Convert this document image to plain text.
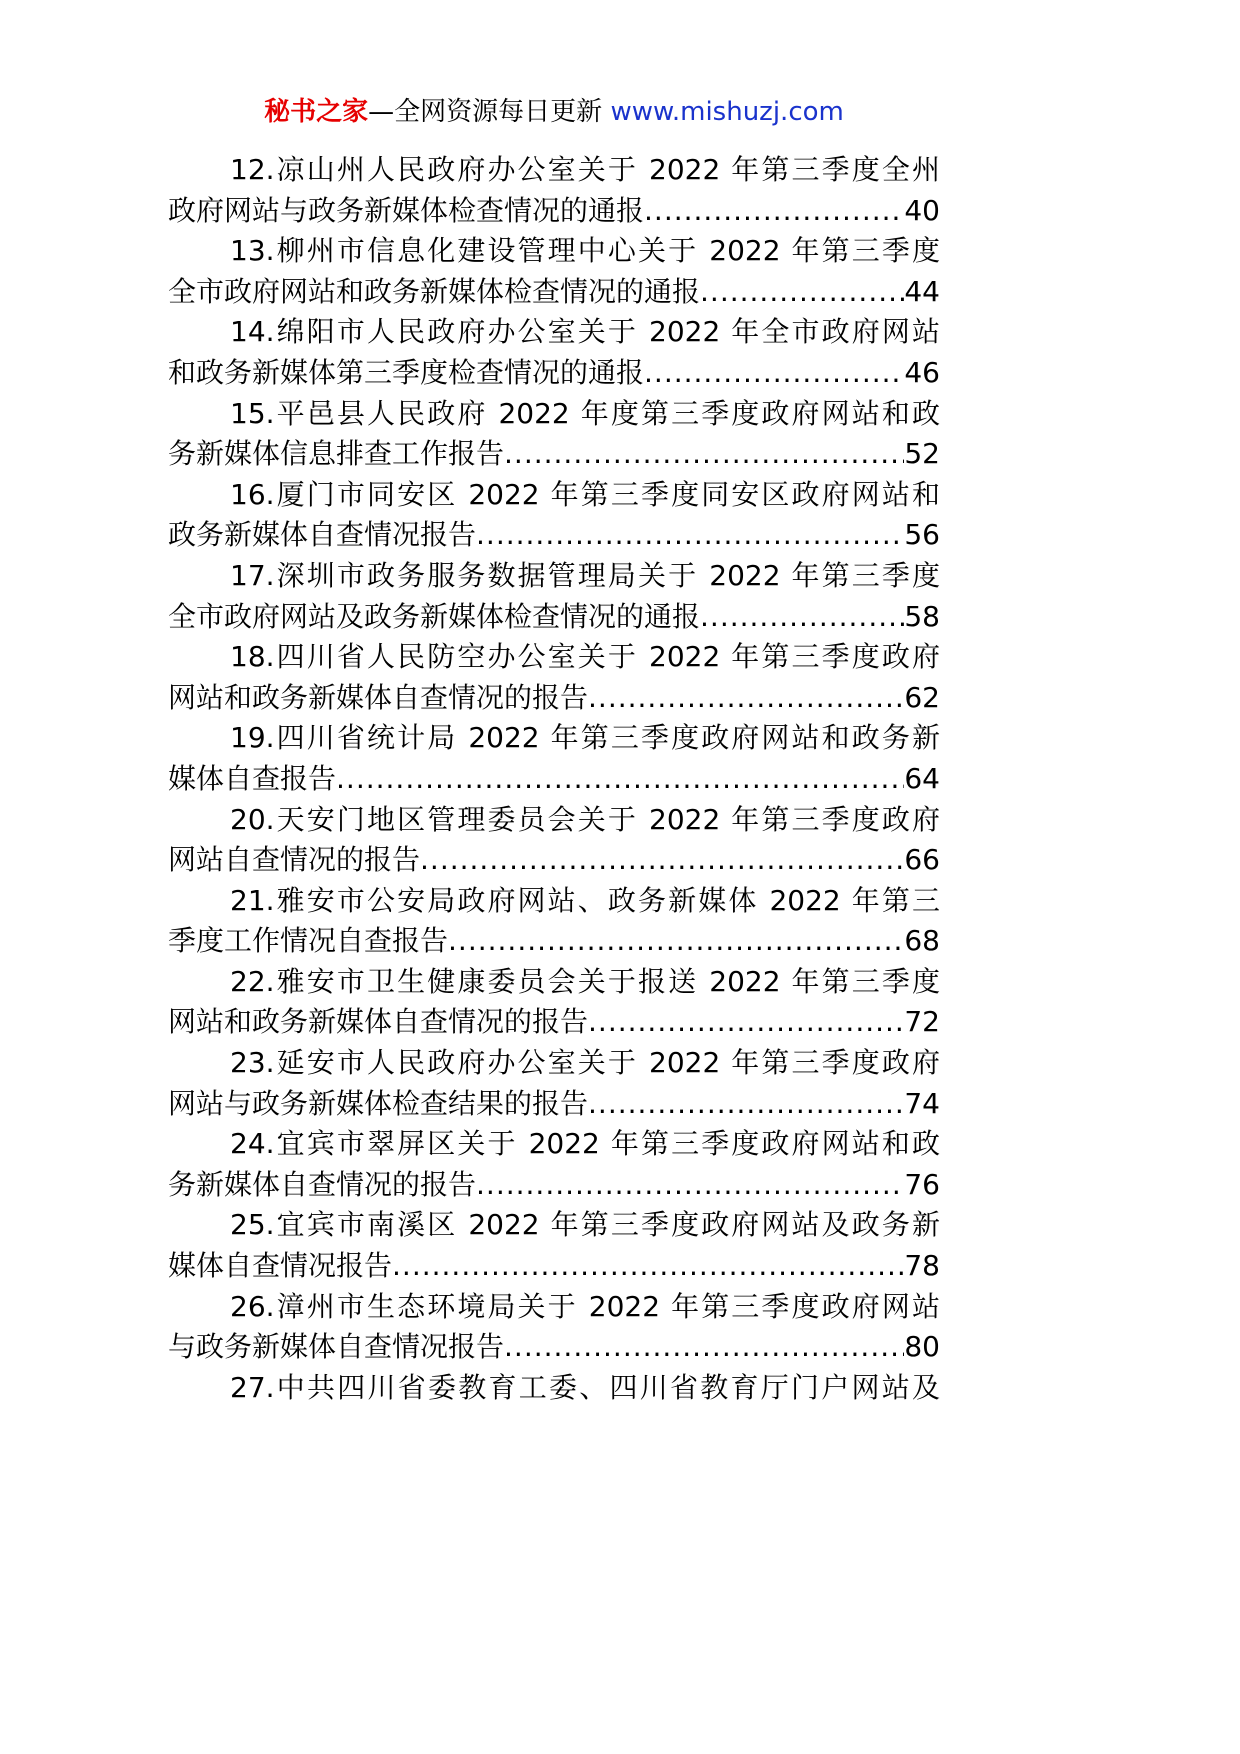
秘书之家—全网资源每日更新 www.mishuzj.com
12.凉山州人民政府办公室关于 2022 年第三季度全州
政府网站与政务新媒体检查情况的通报 .....	40
13.柳州市信息化建设管理中心关于 2022 年第三季度
全市政府网站和政务新媒体检查情况的通报 .....	44
14.绵阳市人民政府办公室关于 2022 年全市政府网站
和政务新媒体第三季度检查情况的通报 .....	46
15.平邑县人民政府 2022 年度第三季度政府网站和政
务新媒体信息排查工作报告 .....	52
16.厦门市同安区 2022 年第三季度同安区政府网站和
政务新媒体自查情况报告 .....	56
17.深圳市政务服务数据管理局关于 2022 年第三季度
全市政府网站及政务新媒体检查情况的通报 .....	58
18.四川省人民防空办公室关于 2022 年第三季度政府
网站和政务新媒体自查情况的报告 .....	62
19.四川省统计局 2022 年第三季度政府网站和政务新
媒体自查报告 .....	64
20.天安门地区管理委员会关于 2022 年第三季度政府
网站自查情况的报告 .....	66
21.雅安市公安局政府网站、政务新媒体 2022 年第三
季度工作情况自查报告 .....	68
22.雅安市卫生健康委员会关于报送 2022 年第三季度
网站和政务新媒体自查情况的报告 .....	72
23.延安市人民政府办公室关于 2022 年第三季度政府
网站与政务新媒体检查结果的报告 .....	74
24.宜宾市翠屏区关于 2022 年第三季度政府网站和政
务新媒体自查情况的报告 .....	76
25.宜宾市南溪区 2022 年第三季度政府网站及政务新
媒体自查情况报告 .....	78
26.漳州市生态环境局关于 2022 年第三季度政府网站
与政务新媒体自查情况报告 .....	80
27.中共四川省委教育工委、四川省教育厅门户网站及
